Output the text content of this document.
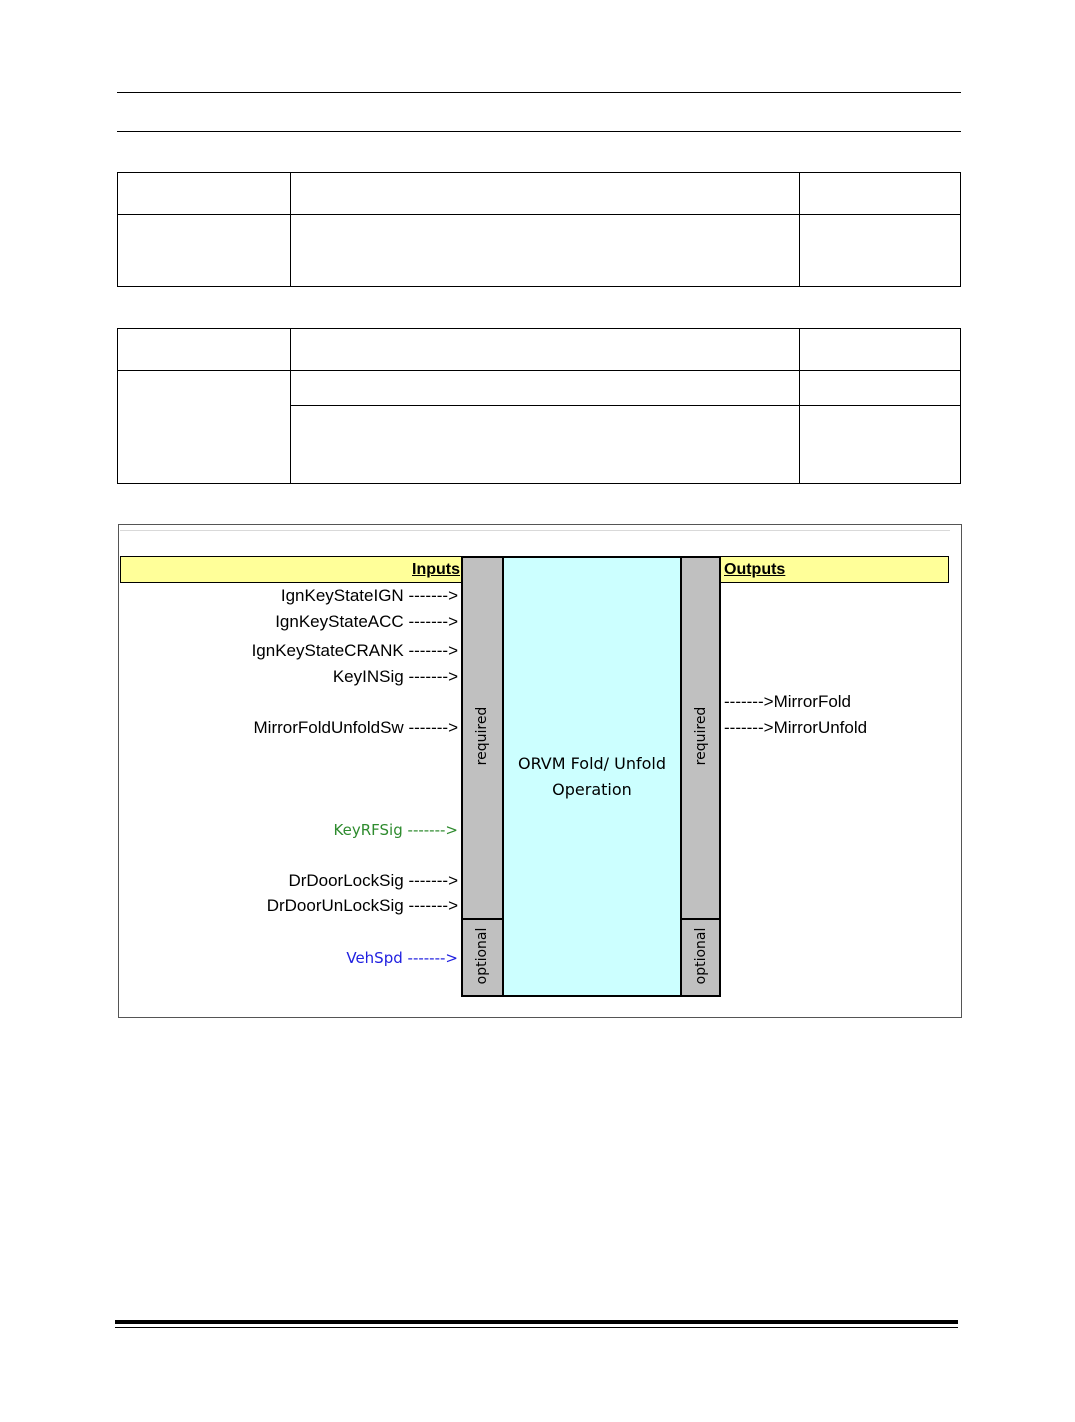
Inputs	Outputs
required
optional
required
optional
ORVM Fold/ Unfold
Operation
IgnKeyStateIGN ------->
IgnKeyStateACC ------->
IgnKeyStateCRANK ------->
KeyINSig ------->
MirrorFoldUnfoldSw ------->
KeyRFSig ------->
DrDoorLockSig ------->
DrDoorUnLockSig ------->
VehSpd ------->
------->MirrorFold
------->MirrorUnfold
